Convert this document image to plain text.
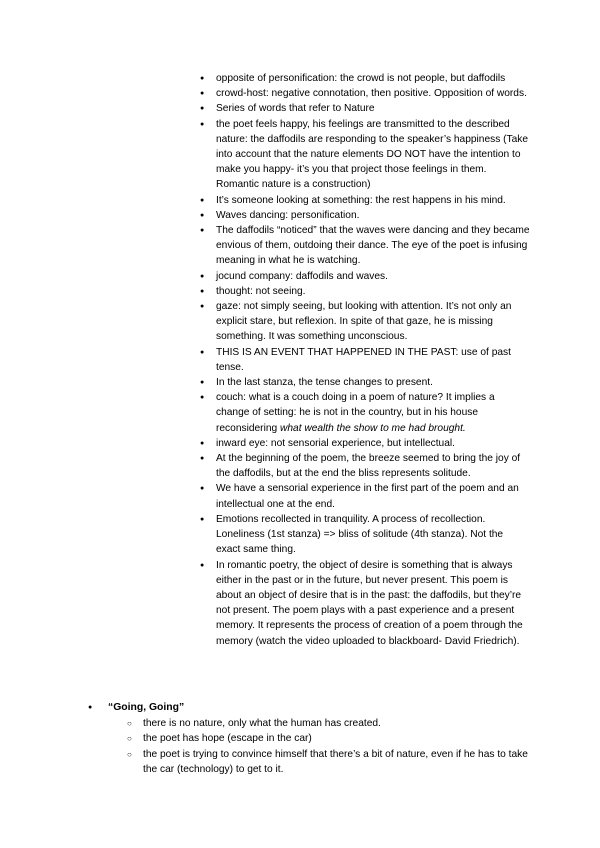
● opposite of personification: the crowd is not people, but daffodils
● crowd-host: negative connotation, then positive. Opposition of words.
● Series of words that refer to Nature
● the poet feels happy, his feelings are transmitted to the described nature: the daffodils are responding to the speaker’s happiness (Take into account that the nature elements DO NOT have the intention to make you happy- it’s you that project those feelings in them. Romantic nature is a construction)
● It’s someone looking at something: the rest happens in his mind.
● Waves dancing: personification.
● The daffodils “noticed” that the waves were dancing and they became envious of them, outdoing their dance. The eye of the poet is infusing meaning in what he is watching.
● jocund company: daffodils and waves.
● thought: not seeing.
● gaze: not simply seeing, but looking with attention. It’s not only an explicit stare, but reflexion. In spite of that gaze, he is missing something. It was something unconscious.
● THIS IS AN EVENT THAT HAPPENED IN THE PAST: use of past tense.
● In the last stanza, the tense changes to present.
● couch: what is a couch doing in a poem of nature? It implies a change of setting: he is not in the country, but in his house reconsidering what wealth the show to me had brought.
● inward eye: not sensorial experience, but intellectual.
● At the beginning of the poem, the breeze seemed to bring the joy of the daffodils, but at the end the bliss represents solitude.
● We have a sensorial experience in the first part of the poem and an intellectual one at the end.
● Emotions recollected in tranquility. A process of recollection. Loneliness (1st stanza) => bliss of solitude (4th stanza). Not the exact same thing.
● In romantic poetry, the object of desire is something that is always either in the past or in the future, but never present. This poem is about an object of desire that is in the past: the daffodils, but they’re not present. The poem plays with a past experience and a present memory. It represents the process of creation of a poem through the memory (watch the video uploaded to blackboard- David Friedrich).
● “Going, Going”
○ there is no nature, only what the human has created.
○ the poet has hope (escape in the car)
○ the poet is trying to convince himself that there’s a bit of nature, even if he has to take the car (technology) to get to it.
